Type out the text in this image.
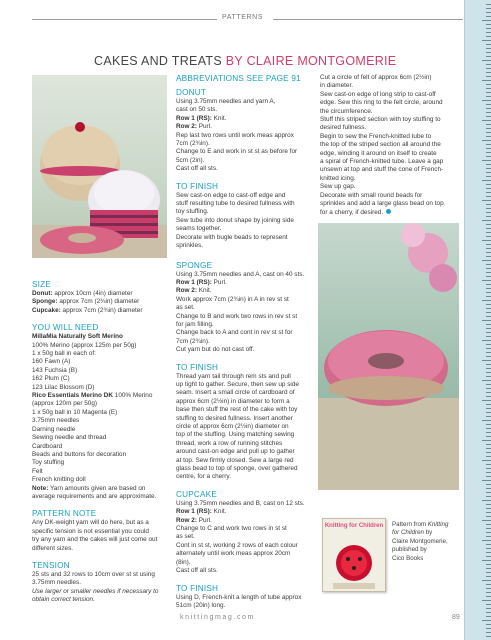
PATTERNS
CAKES AND TREATS BY CLAIRE MONTGOMERIE

SIZE

Donut: approx 10cm (4in) diameter

Sponge: approx 7cm (2¾in) diameter

Cupcake: approx 7cm (2¾in) diameter

YOU WILL NEED

MillaMia Naturally Soft Merino

100% Merino (approx 125m per 50g)

1 x 50g ball in each of:

160 Fawn (A)

143 Fuchsia (B)

162 Plum (C)

123 Lilac Blossom (D)

Rico Essentials Merino DK 100% Merino

(approx 120m per 50g)

1 x 50g ball in 10 Magenta (E)

3.75mm needles

Darning needle

Sewing needle and thread

Cardboard

Beads and buttons for decoration

Toy stuffing

Felt

French knitting doll

Note: Yarn amounts given are based on

average requirements and are approximate.

PATTERN NOTE

Any DK-weight yarn will do here, but as a

specific tension is not essential you could

try any yarn and the cakes will just come out

different sizes.

TENSION

25 sts and 32 rows to 10cm over st st using

3.75mm needles.

Use larger or smaller needles if necessary to

obtain correct tension.

ABBREVIATIONS SEE PAGE 91

DONUT

Using 3.75mm needles and yarn A,

cast on 50 sts.

Row 1 (RS): Knit.

Row 2: Purl.

Rep last two rows until work meas approx

7cm (2¾in).

Change to E and work in st st as before for

5cm (2in).

Cast off all sts.

TO FINISH

Sew cast-on edge to cast-off edge and

stuff resulting tube to desired fullness with

toy stuffing.

Sew tube into donut shape by joining side

seams together.

Decorate with bugle beads to represent

sprinkles.

SPONGE

Using 3.75mm needles and A, cast on 40 sts.

Row 1 (RS): Purl.

Row 2: Knit.

Work approx 7cm (2¾in) in A in rev st st

as set.

Change to B and work two rows in rev st st

for jam filling.

Change back to A and cont in rev st st for

7cm (2¾in).

Cut yarn but do not cast off.

TO FINISH

Thread yarn tail through rem sts and pull

up tight to gather. Secure, then sew up side

seam. Insert a small circle of cardboard of

approx 6cm (2½in) in diameter to form a

base then stuff the rest of the cake with toy

stuffing to desired fullness. Insert another

circle of approx 6cm (2½in) diameter on

top of the stuffing. Using matching sewing

thread, work a row of running stitches

around cast-on edge and pull up to gather

at top. Sew firmly closed. Sew a large red

glass bead to top of sponge, over gathered

centre, for a cherry.

CUPCAKE

Using 3.75mm needles and B, cast on 12 sts.

Row 1 (RS): Knit.

Row 2: Purl.

Change to C and work two rows in st st

as set.

Cont in st st, working 2 rows of each colour

alternately until work meas approx 20cm

(8in).

Cast off all sts.

TO FINISH

Using D, French-knit a length of tube approx

51cm (20in) long.

Cut a circle of felt of approx 6cm (2½in)

in diameter.

Sew cast-on edge of long strip to cast-off

edge. Sew this ring to the felt circle, around

the circumference.

Stuff this striped section with toy stuffing to

desired fullness.

Begin to sew the French-knitted tube to

the top of the striped section all around the

edge, winding it around on itself to create

a spiral of French-knitted tube. Leave a gap

unsewn at top and stuff the cone of French-

knitted icing.

Sew up gap.

Decorate with small round beads for

sprinkles and add a large glass bead on top

for a cherry, if desired.

Knitting for Children Pattern from Knitting
for Children by
Claire Montgomerie,
published by
Cico Books
knittingmag.com	89
